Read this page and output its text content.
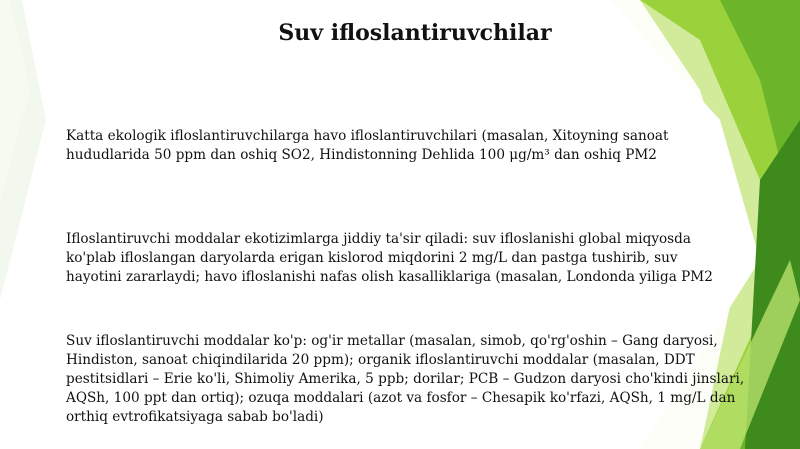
Suv ifloslantiruvchilar
Katta ekologik ifloslantiruvchilarga havo ifloslantiruvchilari (masalan, Xitoyning sanoat
hududlarida 50 ppm dan oshiq SO2, Hindistonning Dehlida 100 μg/m³ dan oshiq PM2
Ifloslantiruvchi moddalar ekotizimlarga jiddiy ta'sir qiladi: suv ifloslanishi global miqyosda
ko'plab ifloslangan daryolarda erigan kislorod miqdorini 2 mg/L dan pastga tushirib, suv
hayotini zararlaydi; havo ifloslanishi nafas olish kasalliklariga (masalan, Londonda yiliga PM2
Suv ifloslantiruvchi moddalar ko'p: og'ir metallar (masalan, simob, qo'rg'oshin – Gang daryosi,
Hindiston, sanoat chiqindilarida 20 ppm); organik ifloslantiruvchi moddalar (masalan, DDT
pestitsidlari – Erie ko'li, Shimoliy Amerika, 5 ppb; dorilar; PCB – Gudzon daryosi cho'kindi jinslari,
AQSh, 100 ppt dan ortiq); ozuqa moddalari (azot va fosfor – Chesapik ko'rfazi, AQSh, 1 mg/L dan
orthiq evtrofikatsiyaga sabab bo'ladi)
